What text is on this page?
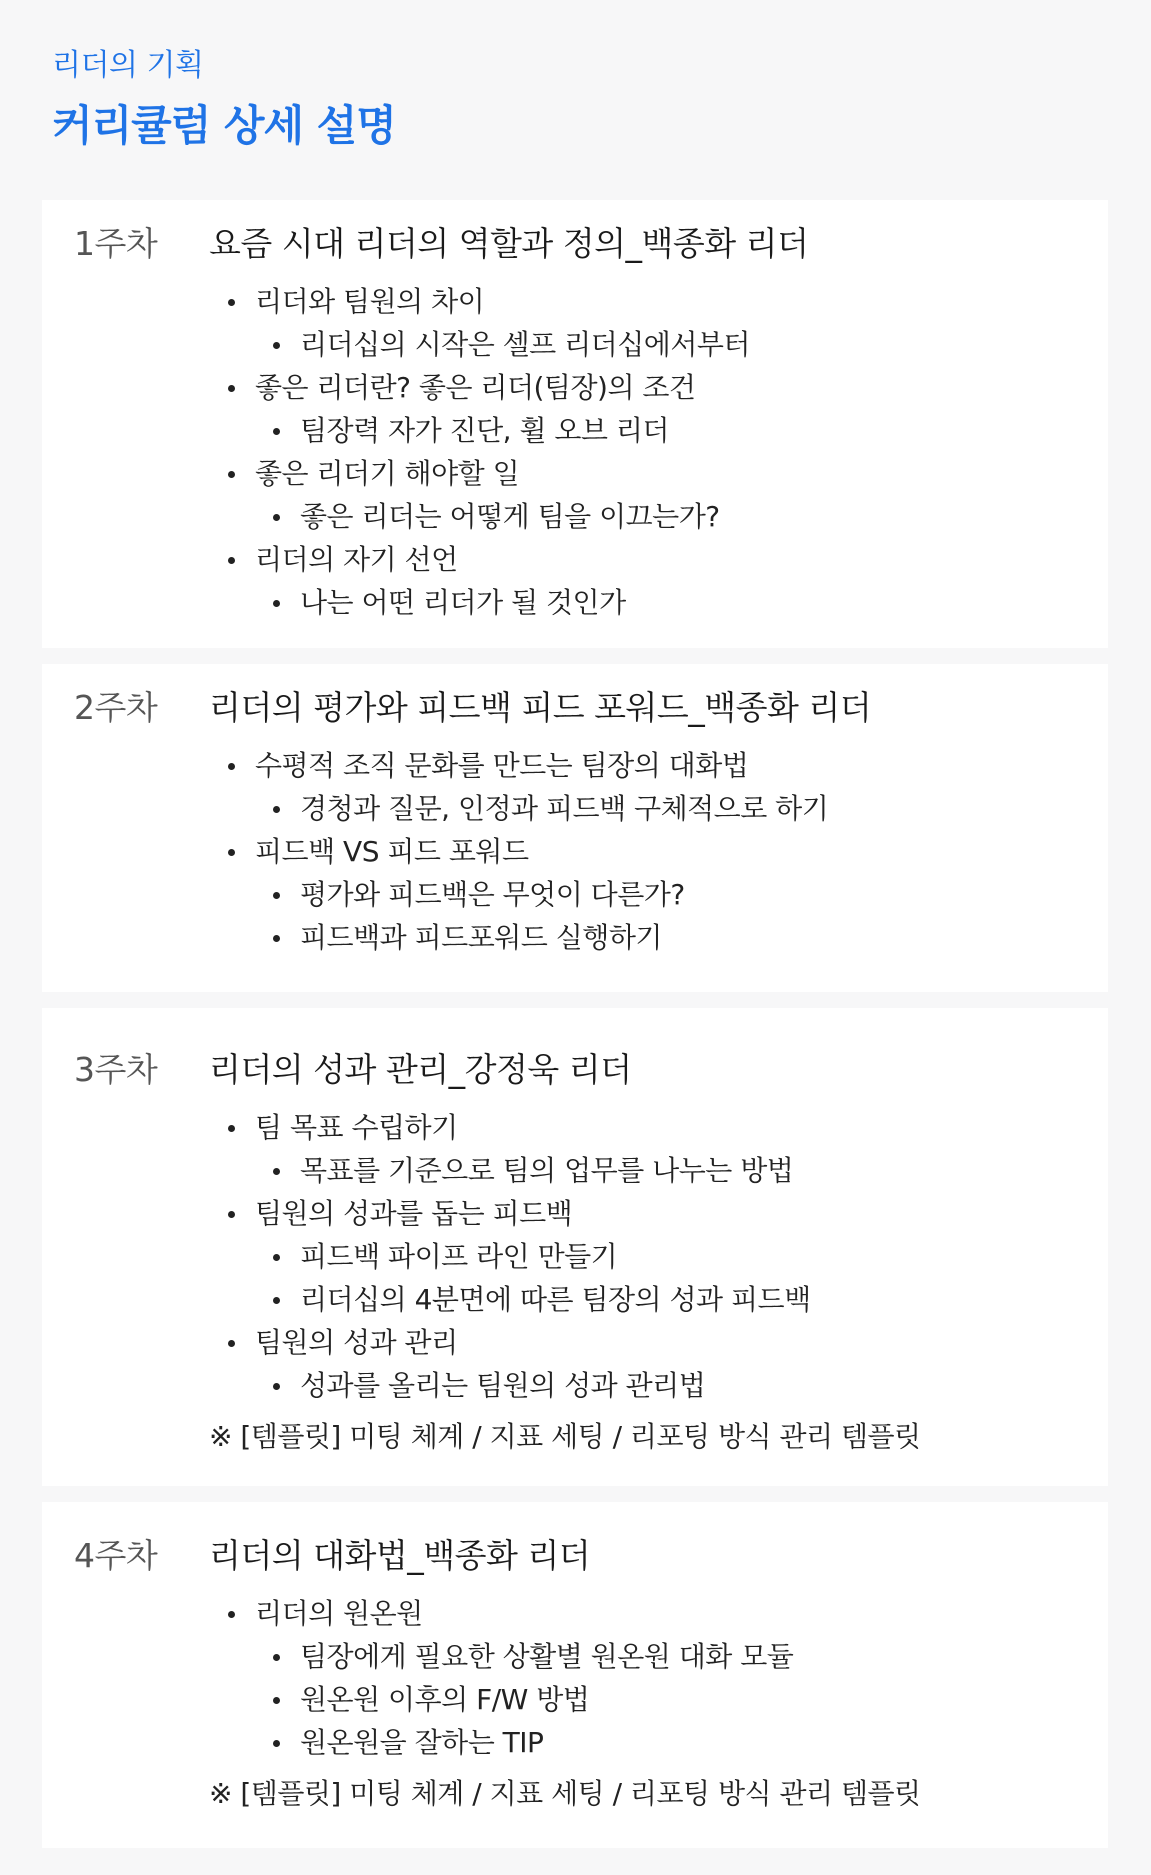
리더의 기획
커리큘럼 상세 설명
1주차 요즘 시대 리더의 역할과 정의_백종화 리더
리더와 팀원의 차이
리더십의 시작은 셀프 리더십에서부터
좋은 리더란? 좋은 리더(팀장)의 조건
팀장력 자가 진단, 휠 오브 리더
좋은 리더기 해야할 일
좋은 리더는 어떻게 팀을 이끄는가?
리더의 자기 선언
나는 어떤 리더가 될 것인가
2주차 리더의 평가와 피드백 피드 포워드_백종화 리더
수평적 조직 문화를 만드는 팀장의 대화법
경청과 질문, 인정과 피드백 구체적으로 하기
피드백 VS 피드 포워드
평가와 피드백은 무엇이 다른가?
피드백과 피드포워드 실행하기
3주차 리더의 성과 관리_강정욱 리더
팀 목표 수립하기
목표를 기준으로 팀의 업무를 나누는 방법
팀원의 성과를 돕는 피드백
피드백 파이프 라인 만들기
리더십의 4분면에 따른 팀장의 성과 피드백
팀원의 성과 관리
성과를 올리는 팀원의 성과 관리법
※ [템플릿] 미팅 체계 / 지표 세팅 / 리포팅 방식 관리 템플릿
4주차 리더의 대화법_백종화 리더
리더의 원온원
팀장에게 필요한 상활별 원온원 대화 모듈
원온원 이후의 F/W 방법
원온원을 잘하는 TIP
※ [템플릿] 미팅 체계 / 지표 세팅 / 리포팅 방식 관리 템플릿
